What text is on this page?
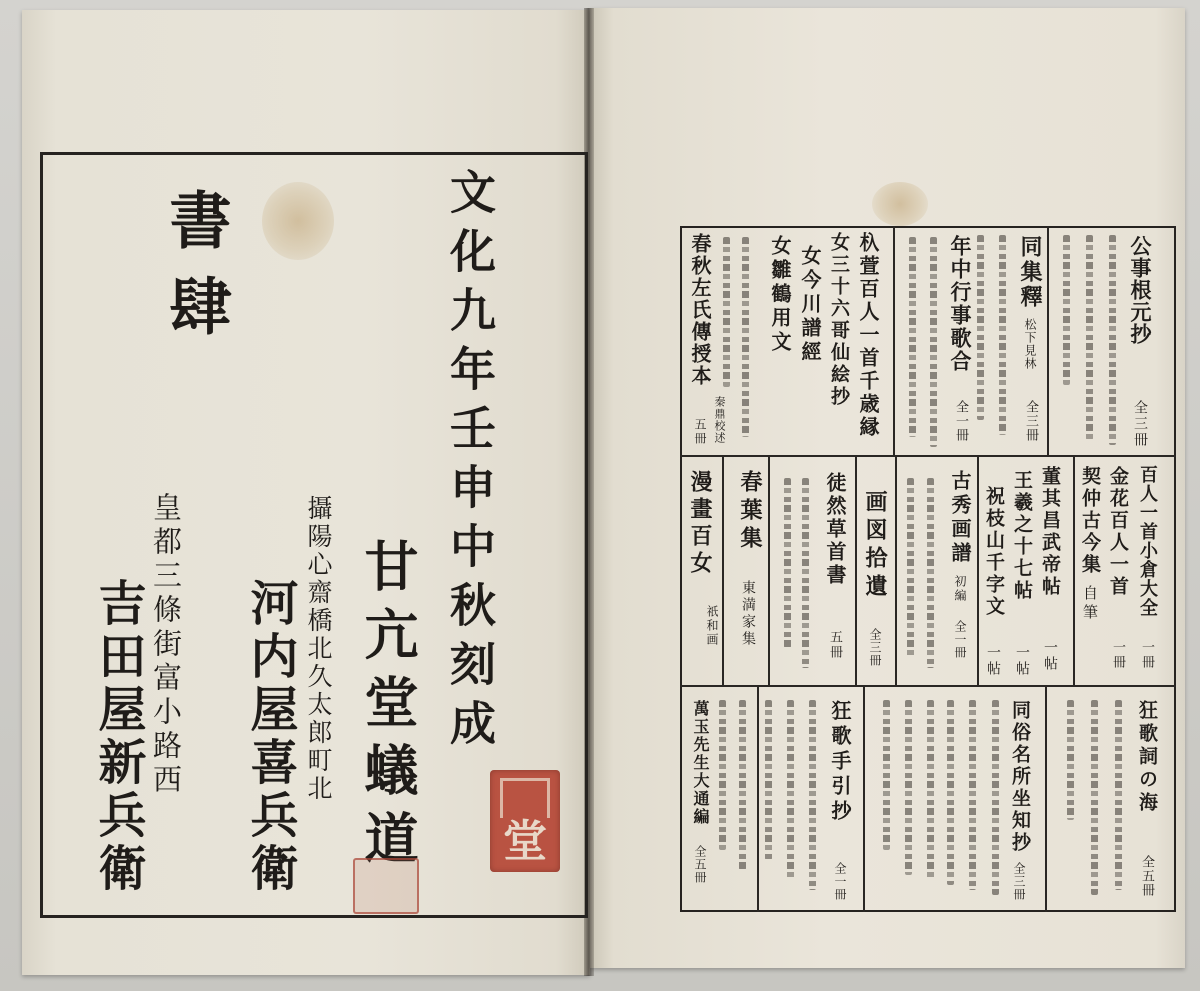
文化九年壬申中秋刻成
甘亢堂蟻道
攝陽心齋橋北久太郎町北
河内屋喜兵衛
書肆
皇都三條街富小路西
吉田屋新兵衛	堂
公事根元抄
全三冊
同集釋
松下見林
全三冊
年中行事歌合
全一冊
杁萱百人一首千歳縁
女三十六哥仙絵抄
女今川譜經
女雛鶴用文
春秋左氏傳授本
秦鼎校述
五冊
百人一首小倉大全
一冊
金花百人一首
一冊
契仲古今集
自筆
董其昌武帝帖
一帖
王羲之十七帖
一帖
祝枝山千字文
一帖
古秀画譜
初編
全一冊
画図拾遺
全三冊
徒然草首書
五冊
春葉集
東満家集
漫畫百女
祇和画
狂歌詞の海
全五冊
同俗名所坐知抄
全三冊
狂歌手引抄
全一冊
萬玉先生大通編
全五冊
